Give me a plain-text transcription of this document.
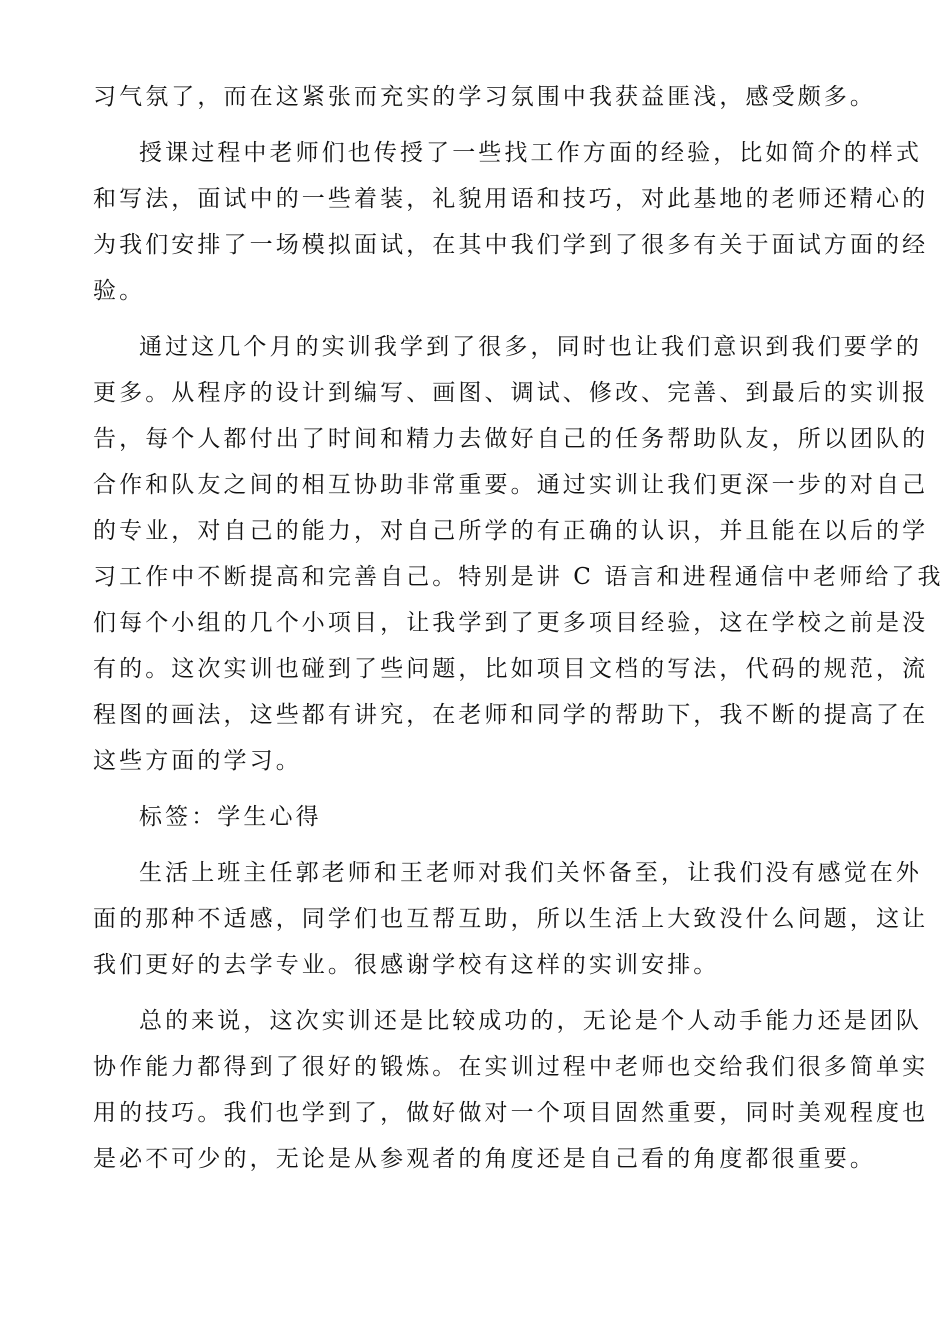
习气氛了，而在这紧张而充实的学习氛围中我获益匪浅，感受颇多。
授课过程中老师们也传授了一些找工作方面的经验，比如简介的样式
和写法，面试中的一些着装，礼貌用语和技巧，对此基地的老师还精心的
为我们安排了一场模拟面试，在其中我们学到了很多有关于面试方面的经
验。
通过这几个月的实训我学到了很多，同时也让我们意识到我们要学的
更多。从程序的设计到编写、画图、调试、修改、完善、到最后的实训报
告，每个人都付出了时间和精力去做好自己的任务帮助队友，所以团队的
合作和队友之间的相互协助非常重要。通过实训让我们更深一步的对自己
的专业，对自己的能力，对自己所学的有正确的认识，并且能在以后的学
习工作中不断提高和完善自己。特别是讲 C 语言和进程通信中老师给了我
们每个小组的几个小项目，让我学到了更多项目经验，这在学校之前是没
有的。这次实训也碰到了些问题，比如项目文档的写法，代码的规范，流
程图的画法，这些都有讲究，在老师和同学的帮助下，我不断的提高了在
这些方面的学习。
标签：学生心得
生活上班主任郭老师和王老师对我们关怀备至，让我们没有感觉在外
面的那种不适感，同学们也互帮互助，所以生活上大致没什么问题，这让
我们更好的去学专业。很感谢学校有这样的实训安排。
总的来说，这次实训还是比较成功的，无论是个人动手能力还是团队
协作能力都得到了很好的锻炼。在实训过程中老师也交给我们很多简单实
用的技巧。我们也学到了，做好做对一个项目固然重要，同时美观程度也
是必不可少的，无论是从参观者的角度还是自己看的角度都很重要。
